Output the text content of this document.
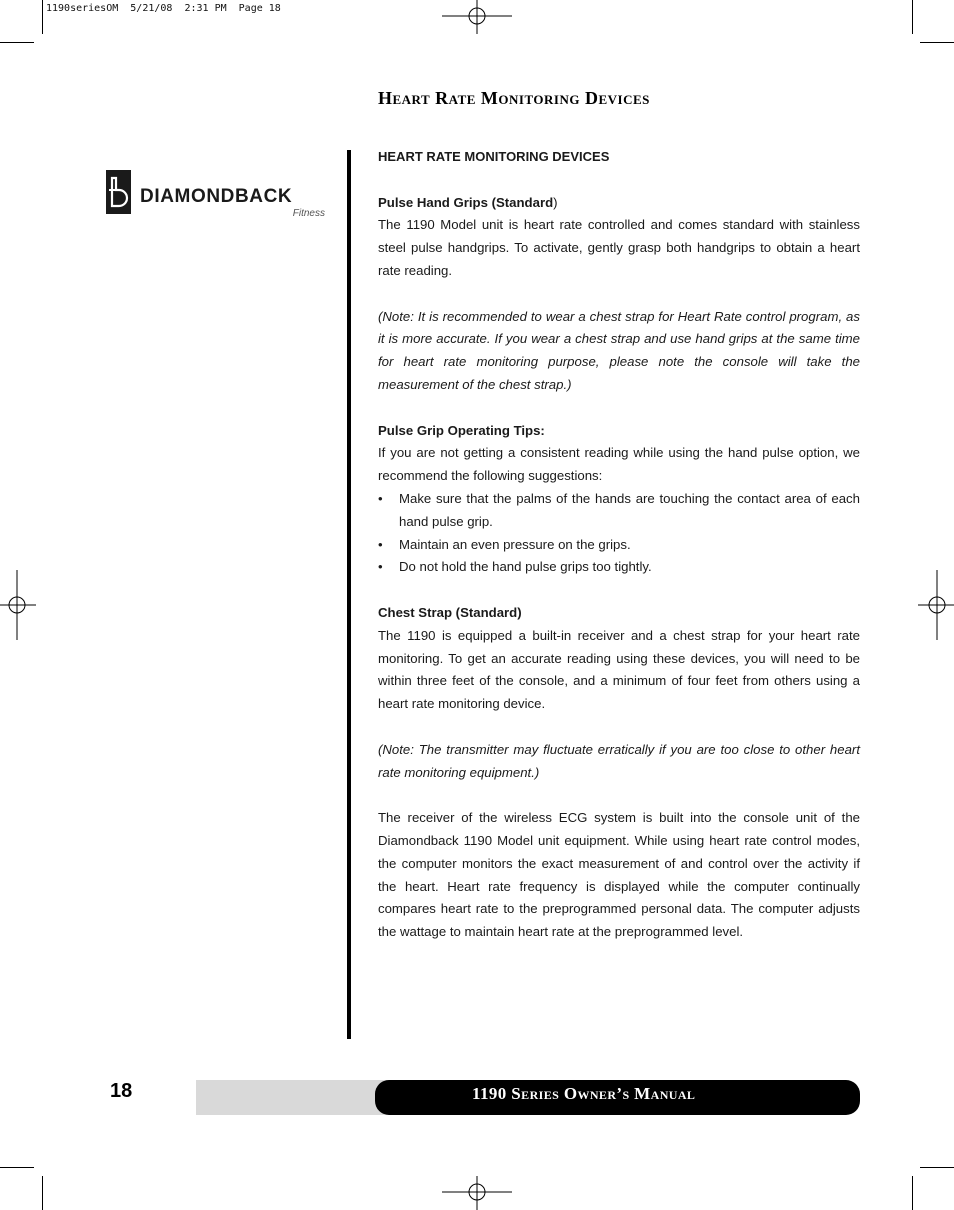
1190seriesOM  5/21/08  2:31 PM  Page 18
Heart Rate Monitoring Devices
DIAMONDBACK
Fitness

HEART RATE MONITORING DEVICES

Pulse Hand Grips (Standard)

The 1190 Model unit is heart rate controlled and comes standard with stainless steel pulse handgrips. To activate, gently grasp both handgrips to obtain a heart rate reading.

(Note: It is recommended to wear a chest strap for Heart Rate control program, as it is more accurate. If you wear a chest strap and use hand grips at the same time for heart rate monitoring purpose, please note the console will take the measurement of the chest strap.)

Pulse Grip Operating Tips:

If you are not getting a consistent reading while using the hand pulse option, we recommend the following suggestions:

• Make sure that the palms of the hands are touching the contact area of each hand pulse grip.
• Maintain an even pressure on the grips.
• Do not hold the hand pulse grips too tightly.

Chest Strap (Standard)

The 1190 is equipped a built-in receiver and a chest strap for your heart rate monitoring. To get an accurate reading using these devices, you will need to be within three feet of the console, and a minimum of four feet from others using a heart rate monitoring device.

(Note: The transmitter may fluctuate erratically if you are too close to other heart rate monitoring equipment.)

The receiver of the wireless ECG system is built into the console unit of the Diamondback 1190 Model unit equipment. While using heart rate control modes, the computer monitors the exact measurement of and control over the activity if the heart. Heart rate frequency is displayed while the computer continually compares heart rate to the preprogrammed personal data. The computer adjusts the wattage to maintain heart rate at the preprogrammed level.

18	1190 Series Owner’s Manual
